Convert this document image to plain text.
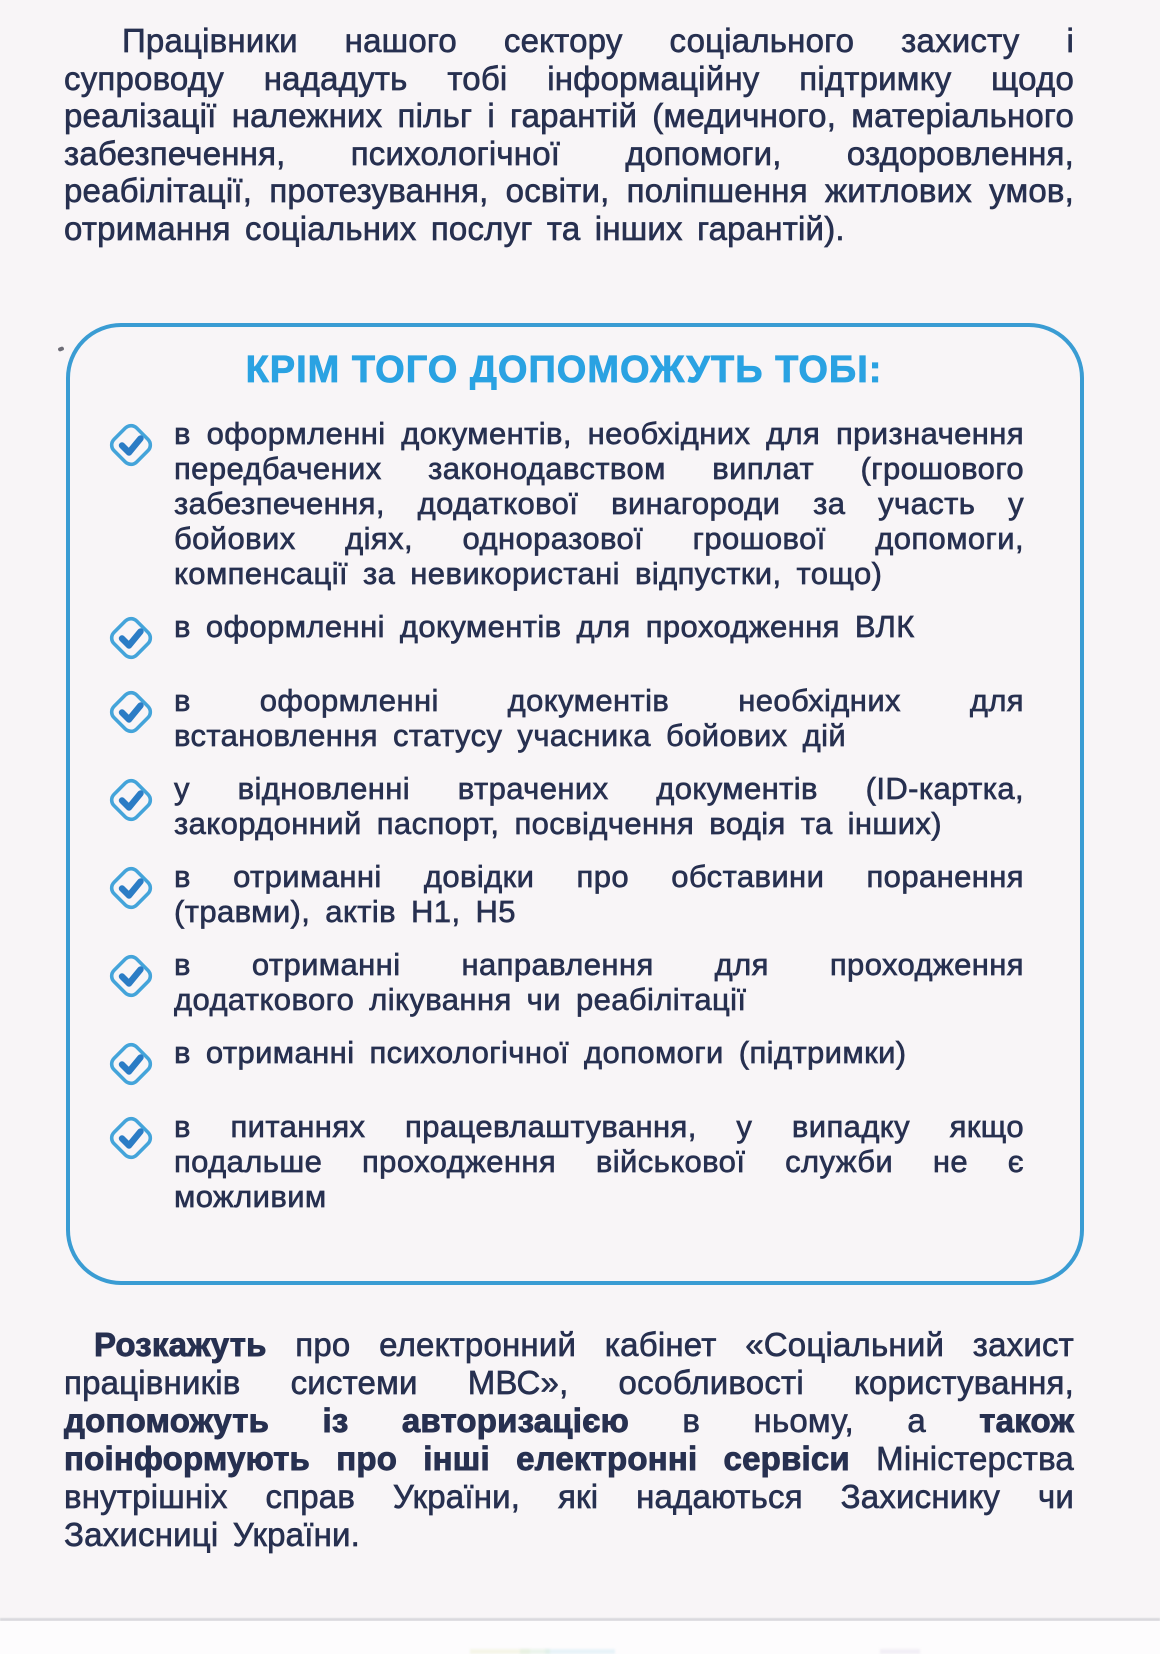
Працівники нашого сектору соціального захисту і супроводу нададуть тобі інформаційну підтримку щодо реалізації належних пільг і гарантій (медичного, матеріального забезпечення, психологічної допомоги, оздоровлення, реабілітації, протезування, освіти, поліпшення житлових умов, отримання соціальних послуг та інших гарантій).

КРІМ ТОГО ДОПОМОЖУТЬ ТОБІ:
в оформленні документів, необхідних для призначення передбачених законодавством виплат (грошового забезпечення, додаткової винагороди за участь у бойових діях, одноразової грошової допомоги, компенсації за невикористані відпустки, тощо)
в оформленні документів для проходження ВЛК
в оформленні документів необхідних для встановлення статусу учасника бойових дій
у відновленні втрачених документів (ID-картка, закордонний паспорт, посвідчення водія та інших)
в отриманні довідки про обставини поранення (травми), актів Н1, Н5
в отриманні направлення для проходження додаткового лікування чи реабілітації
в отриманні психологічної допомоги (підтримки)
в питаннях працевлаштування, у випадку якщо подальше проходження військової служби не є можливим

Розкажуть про електронний кабінет «Соціальний захист працівників системи МВС», особливості користування, допоможуть із авторизацією в ньому, а також поінформують про інші електронні сервіси Міністерства внутрішніх справ України, які надаються Захиснику чи Захисниці України.
